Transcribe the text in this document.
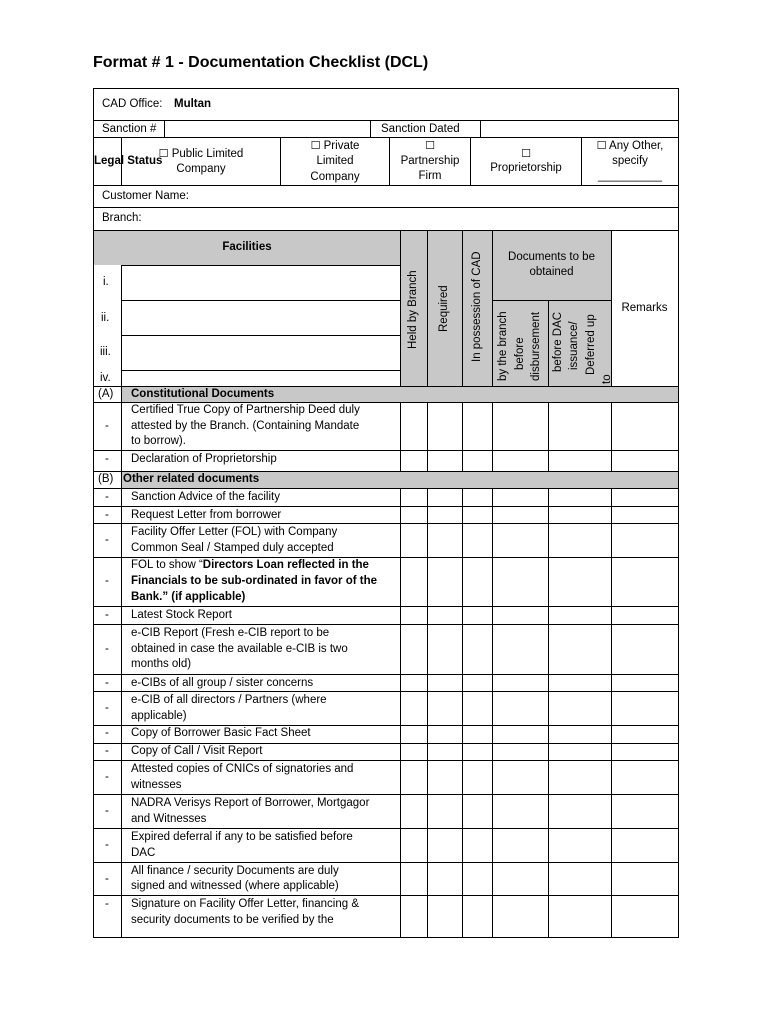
Format # 1 - Documentation Checklist (DCL)
CAD Office: Multan
Sanction #	Sanction Dated
Legal Status
☐ Public Limited
Company
☐ Private
Limited
Company
☐
Partnership
Firm
☐
Proprietorship
☐ Any Other,
specify
__________
Customer Name:
Branch:
Facilities
i.
ii.
iii.
iv.
Held by Branch Required In possession of CAD	Documents to be
obtained
by the branch before disbursement before DAC issuance/ Deferred up
to
Remarks
(A) Constitutional Documents
-
Certified True Copy of Partnership Deed duly
attested by the Branch. (Containing Mandate
to borrow).
- Declaration of Proprietorship
(B) Other related documents
- Sanction Advice of the facility
- Request Letter from borrower
-
Facility Offer Letter (FOL) with Company
Common Seal / Stamped duly accepted
-
FOL to show “Directors Loan reflected in the
Financials to be sub-ordinated in favor of the
Bank.” (if applicable)
- Latest Stock Report
-
e-CIB Report (Fresh e-CIB report to be
obtained in case the available e-CIB is two
months old)
- e-CIBs of all group / sister concerns
-
e-CIB of all directors / Partners (where
applicable)
- Copy of Borrower Basic Fact Sheet
- Copy of Call / Visit Report
-
Attested copies of CNICs of signatories and
witnesses
-
NADRA Verisys Report of Borrower, Mortgagor
and Witnesses
-
Expired deferral if any to be satisfied before
DAC
-
All finance / security Documents are duly
signed and witnessed (where applicable)
- Signature on Facility Offer Letter, financing &
security documents to be verified by the
